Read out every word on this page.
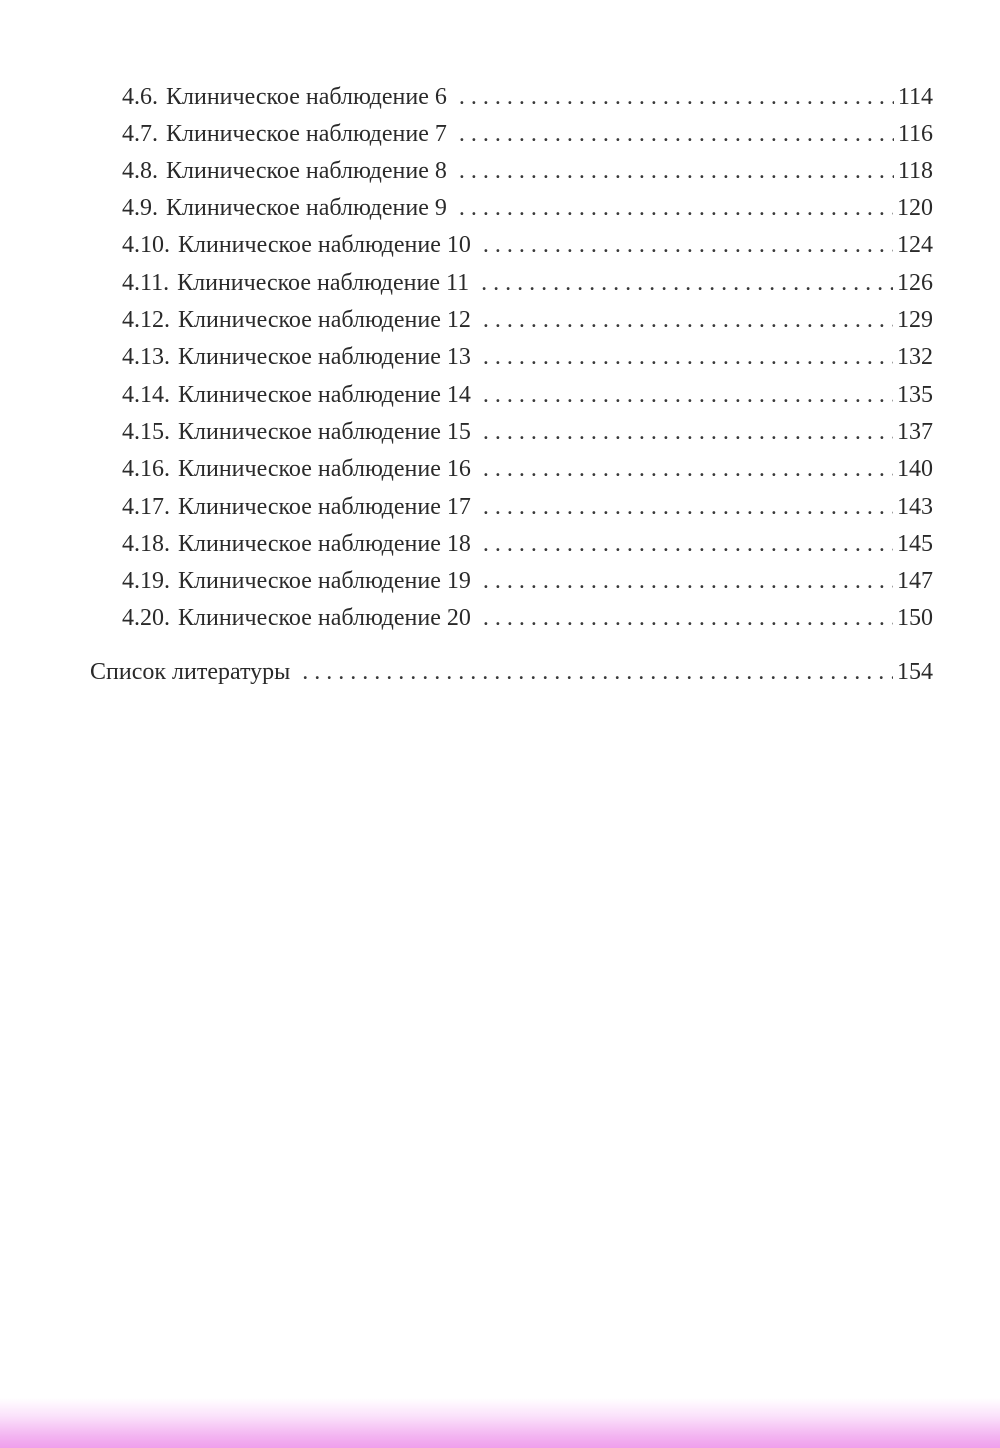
4.6. Клиническое наблюдение 6 . . .	114
4.7. Клиническое наблюдение 7 . . .	116
4.8. Клиническое наблюдение 8 . . .	118
4.9. Клиническое наблюдение 9 . . .	120
4.10. Клиническое наблюдение 10 . . .	124
4.11. Клиническое наблюдение 11 . . .	126
4.12. Клиническое наблюдение 12 . . .	129
4.13. Клиническое наблюдение 13 . . .	132
4.14. Клиническое наблюдение 14 . . .	135
4.15. Клиническое наблюдение 15 . . .	137
4.16. Клиническое наблюдение 16 . . .	140
4.17. Клиническое наблюдение 17 . . .	143
4.18. Клиническое наблюдение 18 . . .	145
4.19. Клиническое наблюдение 19 . . .	147
4.20. Клиническое наблюдение 20 . . .	150
Список литературы . . .	154
